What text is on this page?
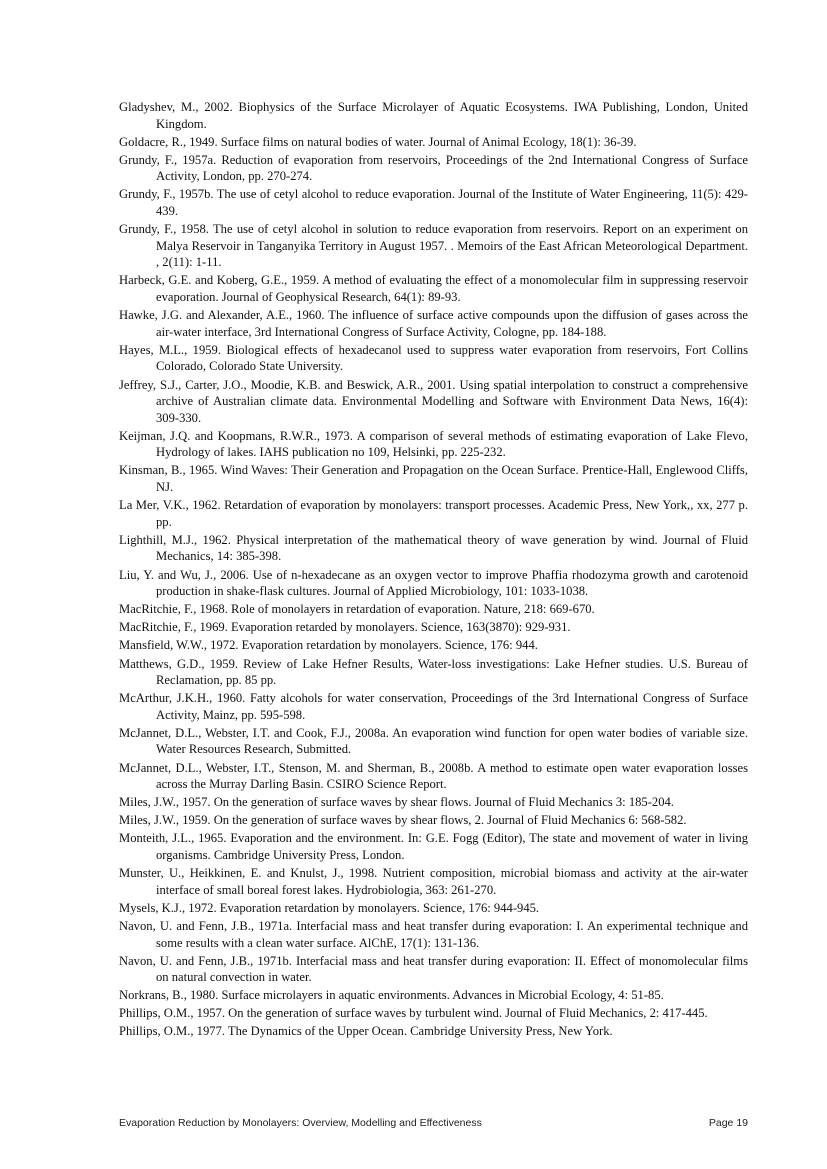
Gladyshev, M., 2002. Biophysics of the Surface Microlayer of Aquatic Ecosystems. IWA Publishing, London, United Kingdom.
Goldacre, R., 1949. Surface films on natural bodies of water. Journal of Animal Ecology, 18(1): 36-39.
Grundy, F., 1957a. Reduction of evaporation from reservoirs, Proceedings of the 2nd International Congress of Surface Activity, London, pp. 270-274.
Grundy, F., 1957b. The use of cetyl alcohol to reduce evaporation. Journal of the Institute of Water Engineering, 11(5): 429-439.
Grundy, F., 1958. The use of cetyl alcohol in solution to reduce evaporation from reservoirs. Report on an experiment on Malya Reservoir in Tanganyika Territory in August 1957. . Memoirs of the East African Meteorological Department. , 2(11): 1-11.
Harbeck, G.E. and Koberg, G.E., 1959. A method of evaluating the effect of a monomolecular film in suppressing reservoir evaporation. Journal of Geophysical Research, 64(1): 89-93.
Hawke, J.G. and Alexander, A.E., 1960. The influence of surface active compounds upon the diffusion of gases across the air-water interface, 3rd International Congress of Surface Activity, Cologne, pp. 184-188.
Hayes, M.L., 1959. Biological effects of hexadecanol used to suppress water evaporation from reservoirs, Fort Collins Colorado, Colorado State University.
Jeffrey, S.J., Carter, J.O., Moodie, K.B. and Beswick, A.R., 2001. Using spatial interpolation to construct a comprehensive archive of Australian climate data. Environmental Modelling and Software with Environment Data News, 16(4): 309-330.
Keijman, J.Q. and Koopmans, R.W.R., 1973. A comparison of several methods of estimating evaporation of Lake Flevo, Hydrology of lakes. IAHS publication no 109, Helsinki, pp. 225-232.
Kinsman, B., 1965. Wind Waves: Their Generation and Propagation on the Ocean Surface. Prentice-Hall, Englewood Cliffs, NJ.
La Mer, V.K., 1962. Retardation of evaporation by monolayers: transport processes. Academic Press, New York,, xx, 277 p. pp.
Lighthill, M.J., 1962. Physical interpretation of the mathematical theory of wave generation by wind. Journal of Fluid Mechanics, 14: 385-398.
Liu, Y. and Wu, J., 2006. Use of n-hexadecane as an oxygen vector to improve Phaffia rhodozyma growth and carotenoid production in shake-flask cultures. Journal of Applied Microbiology, 101: 1033-1038.
MacRitchie, F., 1968. Role of monolayers in retardation of evaporation. Nature, 218: 669-670.
MacRitchie, F., 1969. Evaporation retarded by monolayers. Science, 163(3870): 929-931.
Mansfield, W.W., 1972. Evaporation retardation by monolayers. Science, 176: 944.
Matthews, G.D., 1959. Review of Lake Hefner Results, Water-loss investigations: Lake Hefner studies. U.S. Bureau of Reclamation, pp. 85 pp.
McArthur, J.K.H., 1960. Fatty alcohols for water conservation, Proceedings of the 3rd International Congress of Surface Activity, Mainz, pp. 595-598.
McJannet, D.L., Webster, I.T. and Cook, F.J., 2008a. An evaporation wind function for open water bodies of variable size. Water Resources Research, Submitted.
McJannet, D.L., Webster, I.T., Stenson, M. and Sherman, B., 2008b. A method to estimate open water evaporation losses across the Murray Darling Basin. CSIRO Science Report.
Miles, J.W., 1957. On the generation of surface waves by shear flows. Journal of Fluid Mechanics 3: 185-204.
Miles, J.W., 1959. On the generation of surface waves by shear flows, 2. Journal of Fluid Mechanics 6: 568-582.
Monteith, J.L., 1965. Evaporation and the environment. In: G.E. Fogg (Editor), The state and movement of water in living organisms. Cambridge University Press, London.
Munster, U., Heikkinen, E. and Knulst, J., 1998. Nutrient composition, microbial biomass and activity at the air-water interface of small boreal forest lakes. Hydrobiologia, 363: 261-270.
Mysels, K.J., 1972. Evaporation retardation by monolayers. Science, 176: 944-945.
Navon, U. and Fenn, J.B., 1971a. Interfacial mass and heat transfer during evaporation: I. An experimental technique and some results with a clean water surface. AlChE, 17(1): 131-136.
Navon, U. and Fenn, J.B., 1971b. Interfacial mass and heat transfer during evaporation: II. Effect of monomolecular films on natural convection in water.
Norkrans, B., 1980. Surface microlayers in aquatic environments. Advances in Microbial Ecology, 4: 51-85.
Phillips, O.M., 1957. On the generation of surface waves by turbulent wind. Journal of Fluid Mechanics, 2: 417-445.
Phillips, O.M., 1977. The Dynamics of the Upper Ocean. Cambridge University Press, New York.
Evaporation Reduction by Monolayers: Overview, Modelling and Effectiveness	Page 19
